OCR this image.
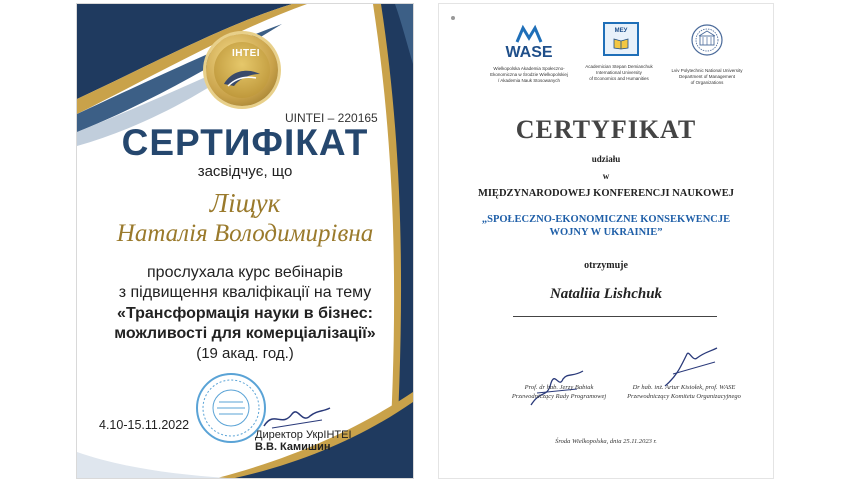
ІНТЕІ
UINTEI – 220165
СЕРТИФІКАТ
засвідчує, що
Ліщук
Наталія Володимирівна
прослухала курс вебінарів
з підвищення кваліфікації на тему
«Трансформація науки в бізнес:
можливості для комерціалізації»
(19 акад. год.)
4.10-15.11.2022
Директор УкрІНТЕІ
В.В. Камишин
WASE
Wielkopolska Akademia Społeczno-
Ekonomiczna w Środzie Wielkopolskiej
/ Akademia Nauk Stosowanych
МЕУ
Academician Stepan Demianchuk
International University
of Economics and Humanities
Lviv Polytechnic National University
Department of Management
of Organizations
CERTYFIKAT
udziału
w
MIĘDZYNARODOWEJ KONFERENCJI NAUKOWEJ
„SPOŁECZNO-EKONOMICZNE KONSEKWENCJE
WOJNY W UKRAINIE”
otrzymuje
Nataliia Lishchuk
Prof. dr hab. Jerzy Babiak
Przewodniczący Rady Programowej
Dr hab. inż. Artur Kisiołek, prof. WASE
Przewodniczący Komitetu Organizacyjnego
Środa Wielkopolska, dnia 25.11.2023 r.
